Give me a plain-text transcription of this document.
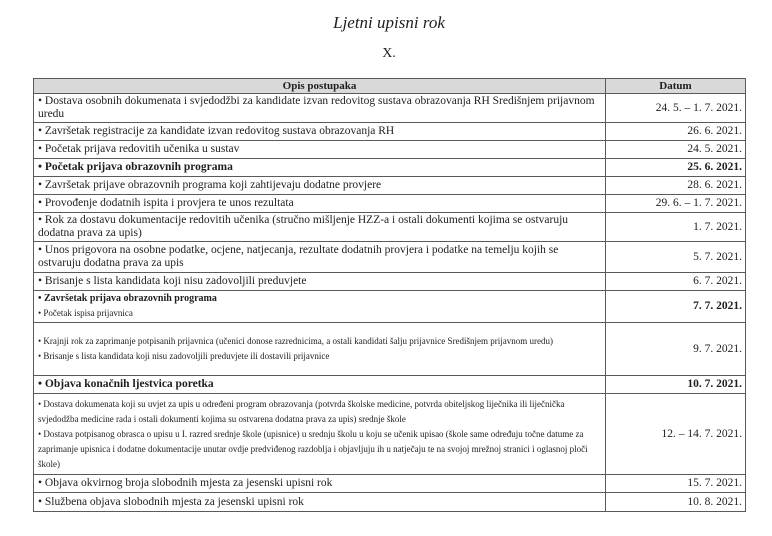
Ljetni upisni rok
X.
Opis postupaka	Datum

• Dostava osobnih dokumenata i svjedodžbi za kandidate izvan redovitog sustava obrazovanja RH Središnjem prijavnom uredu	24. 5. – 1. 7. 2021.

• Završetak registracije za kandidate izvan redovitog sustava obrazovanja RH	26. 6. 2021.

• Početak prijava redovitih učenika u sustav	24. 5. 2021.

• Početak prijava obrazovnih programa	25. 6. 2021.

• Završetak prijave obrazovnih programa koji zahtijevaju dodatne provjere	28. 6. 2021.

• Provođenje dodatnih ispita i provjera te unos rezultata	29. 6. – 1. 7. 2021.

• Rok za dostavu dokumentacije redovitih učenika (stručno mišljenje HZZ-a i ostali dokumenti kojima se ostvaruju dodatna prava za upis)	1. 7. 2021.

• Unos prigovora na osobne podatke, ocjene, natjecanja, rezultate dodatnih provjera i podatke na temelju kojih se ostvaruju dodatna prava za upis	5. 7. 2021.

• Brisanje s lista kandidata koji nisu zadovoljili preduvjete	6. 7. 2021.

• Završetak prijava obrazovnih programa
• Početak ispisa prijavnica	7. 7. 2021.

• Krajnji rok za zaprimanje potpisanih prijavnica (učenici donose razrednicima, a ostali kandidati šalju prijavnice Središnjem prijavnom uredu)
• Brisanje s lista kandidata koji nisu zadovoljili preduvjete ili dostavili prijavnice	9. 7. 2021.

• Objava konačnih ljestvica poretka	10. 7. 2021.

• Dostava dokumenata koji su uvjet za upis u određeni program obrazovanja (potvrda školske medicine, potvrda obiteljskog liječnika ili liječnička svjedodžba medicine rada i ostali dokumenti kojima su ostvarena dodatna prava za upis) srednje škole
• Dostava potpisanog obrasca o upisu u I. razred srednje škole (upisnice) u srednju školu u koju se učenik upisao (škole same određuju točne datume za zaprimanje upisnica i dodatne dokumentacije unutar ovdje predviđenog razdoblja i objavljuju ih u natječaju te na svojoj mrežnoj stranici i oglasnoj ploči škole)	12. – 14. 7. 2021.

• Objava okvirnog broja slobodnih mjesta za jesenski upisni rok	15. 7. 2021.

• Službena objava slobodnih mjesta za jesenski upisni rok	10. 8. 2021.
